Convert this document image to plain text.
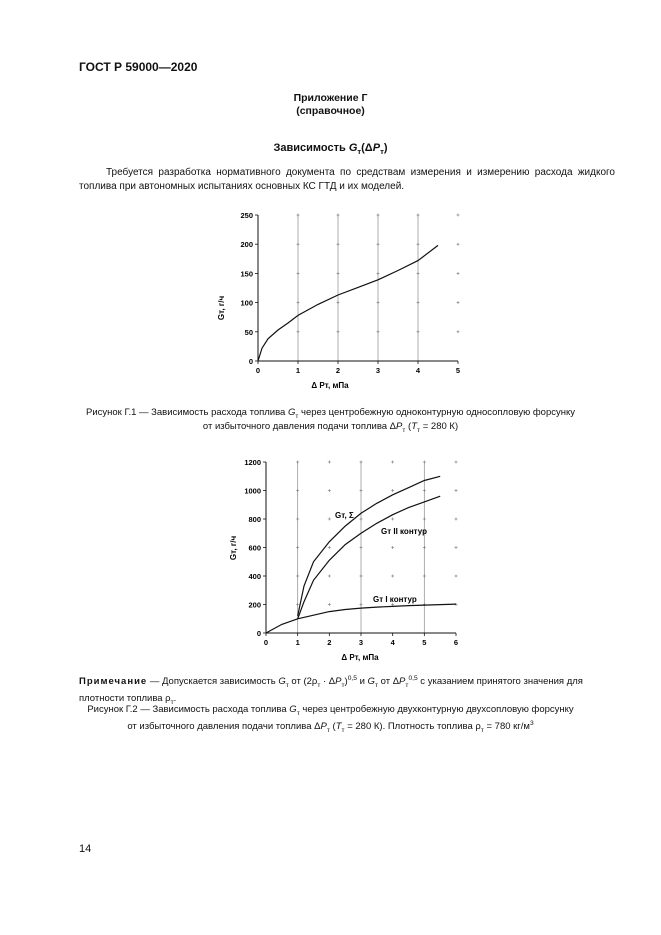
ГОСТ Р 59000—2020
Приложение Г
(справочное)
Зависимость $G_т(\Delta P_т)$
Требуется разработка нормативного документа по средствам измерения и измерению расхода жидкого топлива при автономных испытаниях основных КС ГТД и их моделей.
0
50
100
150
200
250
0	1	2	3	4	5
Gт, г/ч
Δ Pт, мПа
Рисунок Г.1 — Зависимость расхода топлива $G_т$ через центробежную одноконтурную односопловую форсунку
от избыточного давления подачи топлива $\Delta P_т$ ($T_т = 280$ К)
0
200
400
600
800
1000
1200
0	1	2	3	4	5	6
Gт, Σ
Gт II контур
Gт I контур
Gт, г/ч
Δ Pт, мПа
Примечание — Допускается зависимость $G_т$ от $(2\rho_т \cdot \Delta P_т)^{0,5}$ и $G_т$ от $\Delta P_т^{0,5}$ с указанием принятого значения для плотности топлива $\rho_т$.
Рисунок Г.2 — Зависимость расхода топлива $G_т$ через центробежную двухконтурную двухсопловую форсунку
от избыточного давления подачи топлива $\Delta P_т$ ($T_т = 280$ К). Плотность топлива $\rho_т = 780$ $кг/м^3$
14
